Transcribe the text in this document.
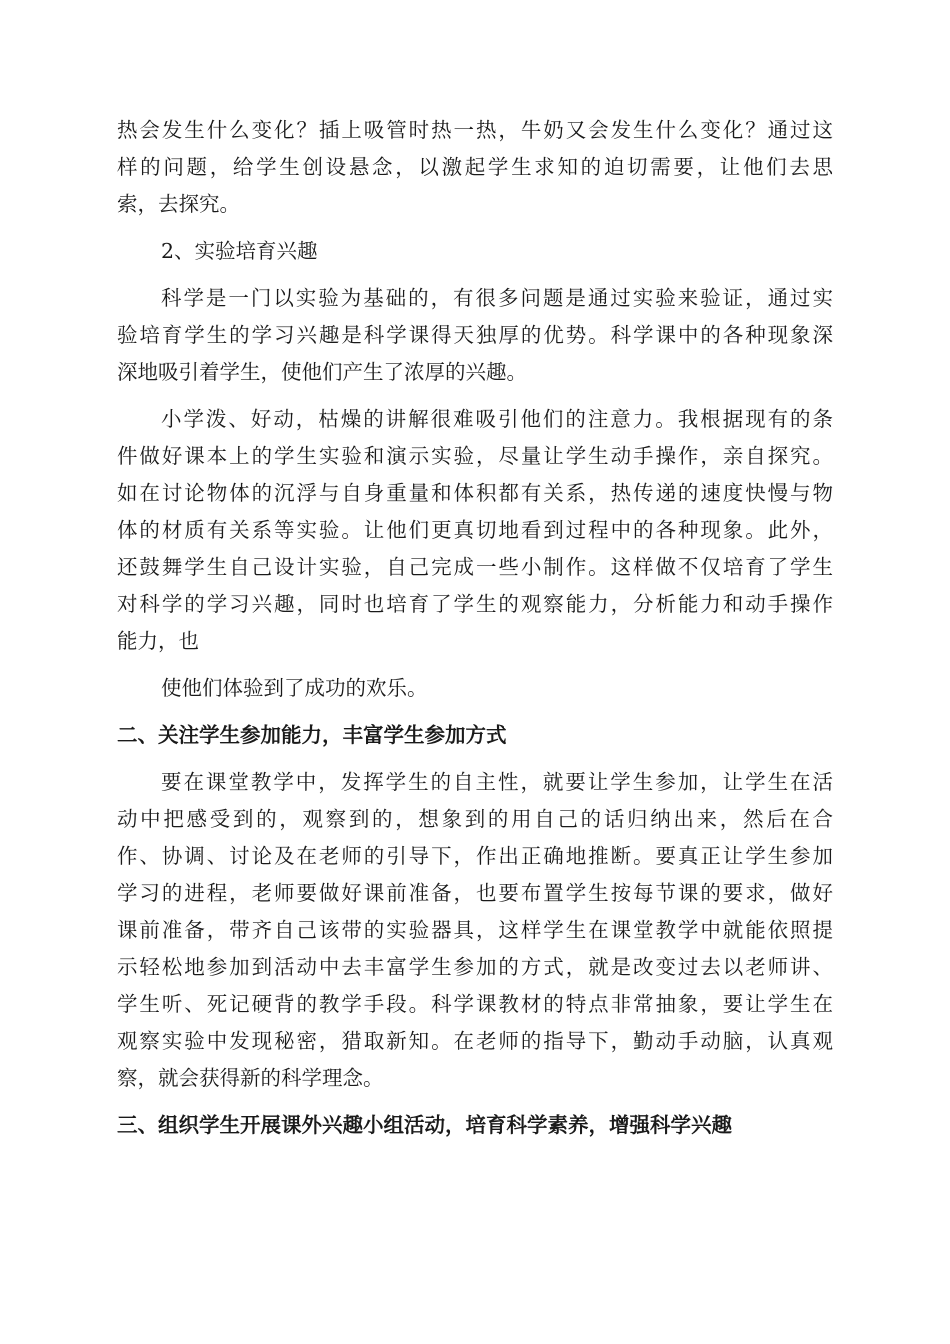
热会发生什么变化？插上吸管时热一热，牛奶又会发生什么变化？通过这
样的问题，给学生创设悬念，以激起学生求知的迫切需要，让他们去思
索，去探究。
2、实验培育兴趣
科学是一门以实验为基础的，有很多问题是通过实验来验证，通过实
验培育学生的学习兴趣是科学课得天独厚的优势。科学课中的各种现象深
深地吸引着学生，使他们产生了浓厚的兴趣。
小学泼、好动，枯燥的讲解很难吸引他们的注意力。我根据现有的条
件做好课本上的学生实验和演示实验，尽量让学生动手操作，亲自探究。
如在讨论物体的沉浮与自身重量和体积都有关系，热传递的速度快慢与物
体的材质有关系等实验。让他们更真切地看到过程中的各种现象。此外，
还鼓舞学生自己设计实验，自己完成一些小制作。这样做不仅培育了学生
对科学的学习兴趣，同时也培育了学生的观察能力，分析能力和动手操作
能力，也
使他们体验到了成功的欢乐。
二、关注学生参加能力，丰富学生参加方式
要在课堂教学中，发挥学生的自主性，就要让学生参加，让学生在活
动中把感受到的，观察到的，想象到的用自己的话归纳出来，然后在合
作、协调、讨论及在老师的引导下，作出正确地推断。要真正让学生参加
学习的进程，老师要做好课前准备，也要布置学生按每节课的要求，做好
课前准备，带齐自己该带的实验器具，这样学生在课堂教学中就能依照提
示轻松地参加到活动中去丰富学生参加的方式，就是改变过去以老师讲、
学生听、死记硬背的教学手段。科学课教材的特点非常抽象，要让学生在
观察实验中发现秘密，猎取新知。在老师的指导下，勤动手动脑，认真观
察，就会获得新的科学理念。
三、组织学生开展课外兴趣小组活动，培育科学素养，增强科学兴趣
